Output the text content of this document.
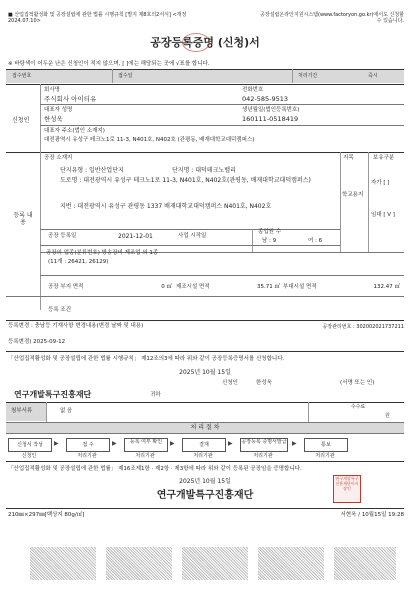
■ 산업집적활성화 및 공장설립에 관한 법률 시행규칙 [별지 제8호의2서식] <개정 2024.07.10>
공장설립온라인지원시스템(www.factoryon.go.kr)에서도 신청할 수 있습니다.
공장등록증명 (신청)서
※ 바탕색이 어두운 난은 신청인이 적지 않으며, [ ]에는 해당되는 곳에 √표를 합니다.
접수번호	접수일	처리기간	즉시
신청인
회사명
주식회사 아이티유
전화번호
042-585-9513
대표자 성명
한성욱
생년월일(법인등록번호)
160111-0518419
대표자 주소(법인 소재지)
대전광역시 유성구 테크노1로 11-3, N401호, N402호 (관평동, 배재대학교대덕캠퍼스)
등록 내용
공장 소재지
단지유형 : 일반산업단지	단지명 : 대덕테크노밸리
도로명 : 대전광역시 유성구 테크노1로 11-3, N401호, N402호(관평동, 배재대학교대덕캠퍼스)
지번 : 대전광역시 유성구 관평동 1337 배재대학교대덕캠퍼스 N401호, N402호
지목	보유구분
학교용지
자가 [ ]
임대 [ V ]
공장 등록일	2021-12-01	사업 시작일
종업원 수
남 : 9	여 : 6
공장의 업종(분류번호) 방송장비 제조업 외 1종
(11개 : 26421, 26129)
공장 부지 면적	0 ㎡ 제조시설 면적	35.71 ㎡ 부대시설 면적	132.47 ㎡
등록 조건
등록변경 : 충남등 기재사항 변경내용(변경 날짜 및 내용)	공장관리번호 : 302002021737211
등록변경) 2025-09-12
「산업집적활성화 및 공장설립에 관한 법률 시행규칙」 제12조의3에 따라 위와 같이 공장등록증명서를 신청합니다.
2025년 10월 15일
신청인	한성욱	(서명 또는 인)
연구개발특구진흥재단	귀하
첨부서류	없 음
수수료
원
처 리 절 차
신청서 작성	▶	접 수	▶	등록 여부 확인	▶	결재	▶ 공장등록 증명서발급 ▶	통보
신청인	처리기관	처리기관	처리기관	처리기관	처리기관
「산업집적활성화 및 공장설립에 관한 법률」 제16조제1항 · 제2항 · 제3항에 따라 위와 같이 등록된 공장임을 증명합니다.
2025년 10월 15일
연구개발특구진흥재단
연구개발특구진흥재단이사장인
210㎜×297㎜[백상지 80g/㎡]	서현욱 / 10월15일 19:28
